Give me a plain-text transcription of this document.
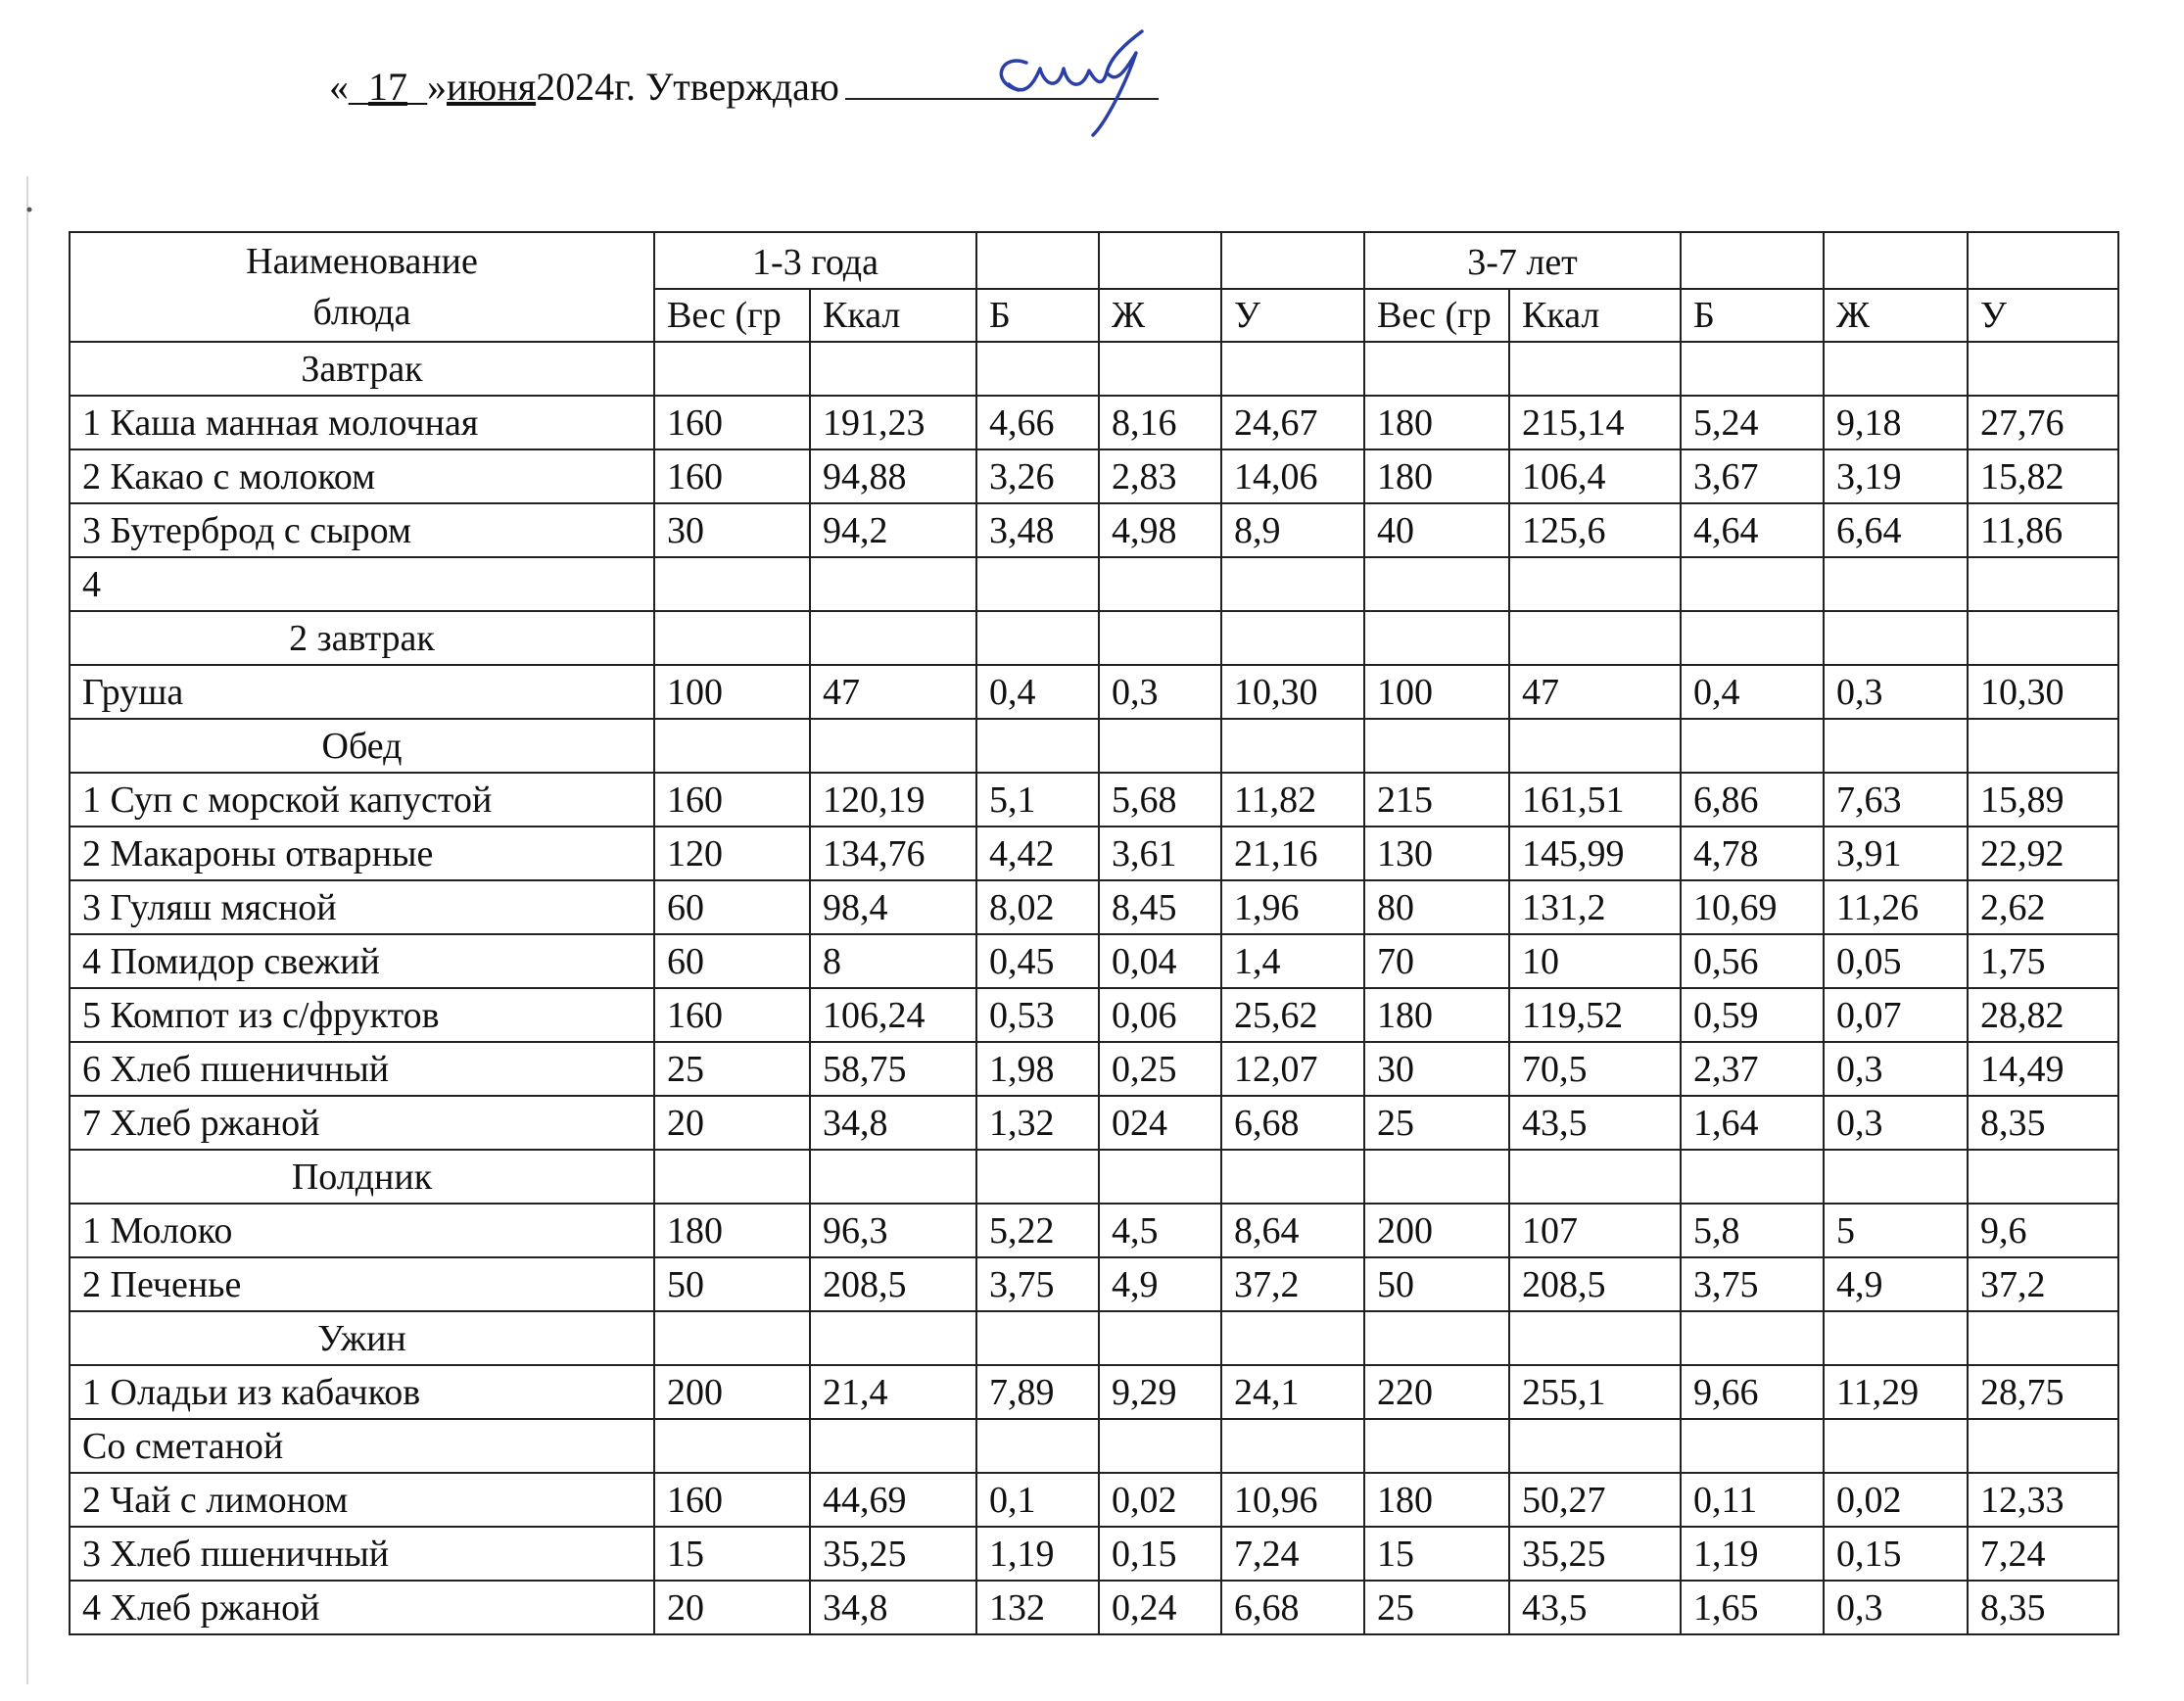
«_ 17 _» июня 2024г. Утверждаю
Наименование
блюда	1-3 года					3-7 лет				
	Вес (гр	Ккал	Б	Ж	У	Вес (гр	Ккал	Б	Ж	У
Завтрак										
1 Каша манная молочная	160	191,23	4,66	8,16	24,67	180	215,14	5,24	9,18	27,76
2 Какао с молоком	160	94,88	3,26	2,83	14,06	180	106,4	3,67	3,19	15,82
3 Бутерброд с сыром	30	94,2	3,48	4,98	8,9	40	125,6	4,64	6,64	11,86
4										
2 завтрак										
Груша	100	47	0,4	0,3	10,30	100	47	0,4	0,3	10,30
Обед										
1 Суп с морской капустой	160	120,19	5,1	5,68	11,82	215	161,51	6,86	7,63	15,89
2 Макароны отварные	120	134,76	4,42	3,61	21,16	130	145,99	4,78	3,91	22,92
3 Гуляш мясной	60	98,4	8,02	8,45	1,96	80	131,2	10,69	11,26	2,62
4 Помидор свежий	60	8	0,45	0,04	1,4	70	10	0,56	0,05	1,75
5 Компот из с/фруктов	160	106,24	0,53	0,06	25,62	180	119,52	0,59	0,07	28,82
6 Хлеб пшеничный	25	58,75	1,98	0,25	12,07	30	70,5	2,37	0,3	14,49
7 Хлеб ржаной	20	34,8	1,32	024	6,68	25	43,5	1,64	0,3	8,35
Полдник										
1 Молоко	180	96,3	5,22	4,5	8,64	200	107	5,8	5	9,6
2 Печенье	50	208,5	3,75	4,9	37,2	50	208,5	3,75	4,9	37,2
Ужин										
1 Оладьи из кабачков	200	21,4	7,89	9,29	24,1	220	255,1	9,66	11,29	28,75
Со сметаной										
2 Чай с лимоном	160	44,69	0,1	0,02	10,96	180	50,27	0,11	0,02	12,33
3 Хлеб пшеничный	15	35,25	1,19	0,15	7,24	15	35,25	1,19	0,15	7,24
4 Хлеб ржаной	20	34,8	132	0,24	6,68	25	43,5	1,65	0,3	8,35
